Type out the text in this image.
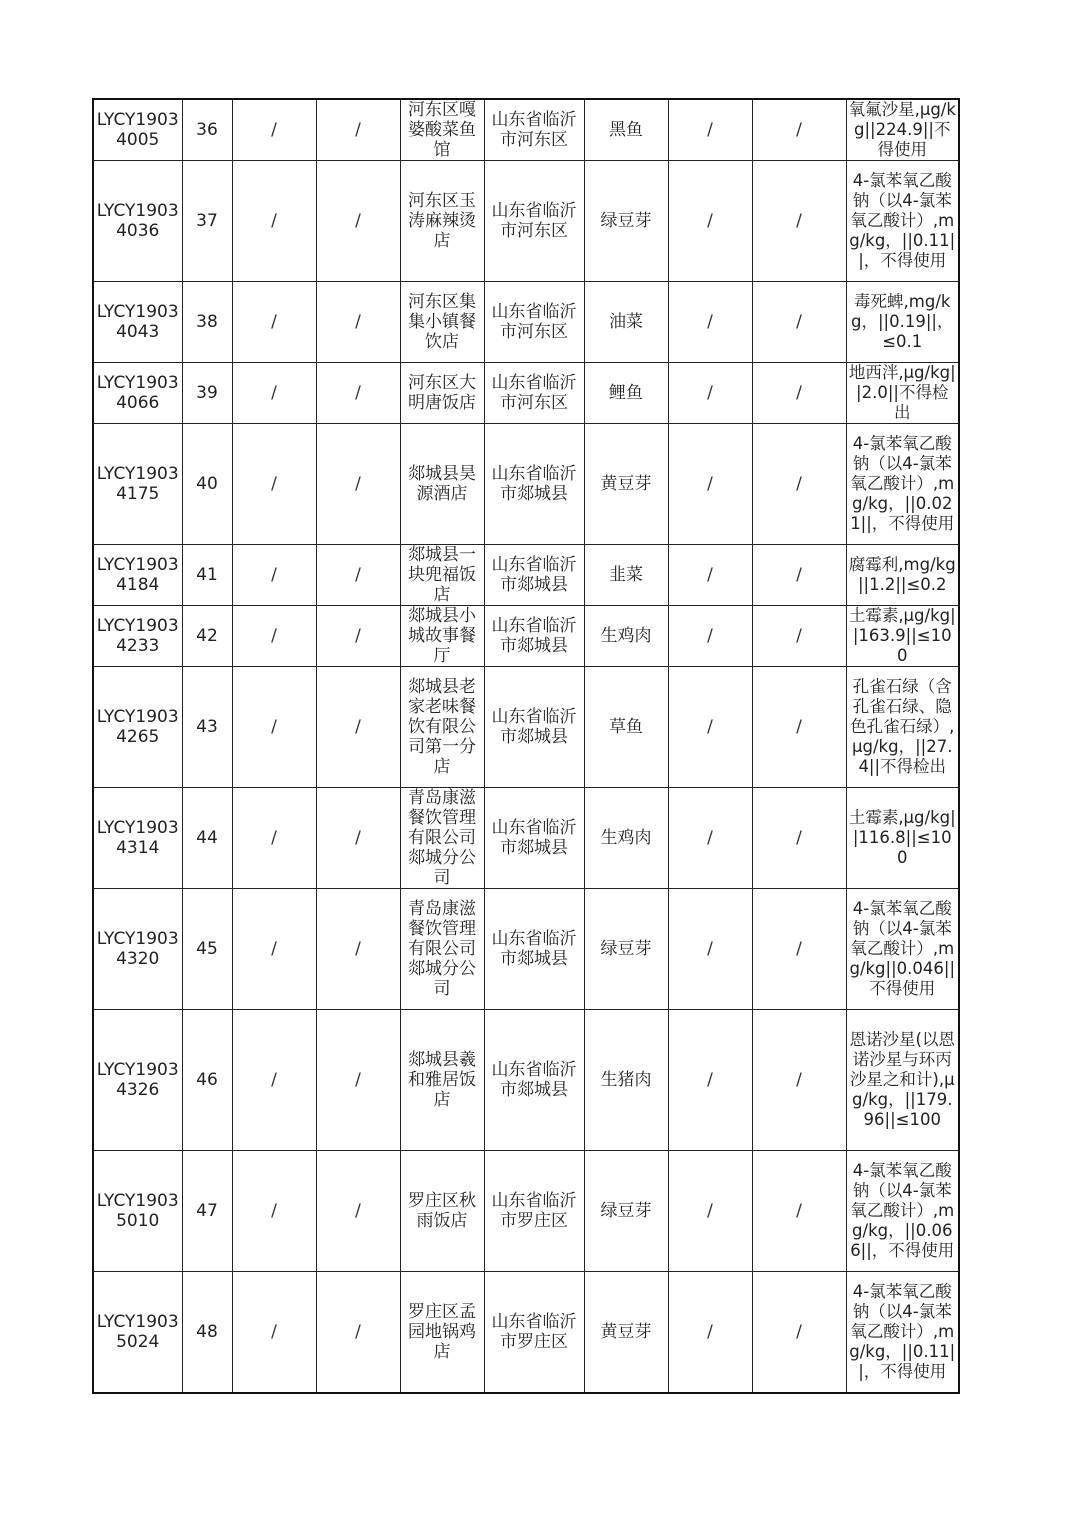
LYCY19034005	36	/	/	河东区嘎婆酸菜鱼馆	山东省临沂市河东区	黑鱼	/	/	氧氟沙星,μg/kg||224.9||不得使用
LYCY19034036	37	/	/	河东区玉涛麻辣烫店	山东省临沂市河东区	绿豆芽	/	/	4-氯苯氧乙酸钠（以4-氯苯氧乙酸计）,mg/kg，||0.11||，不得使用
LYCY19034043	38	/	/	河东区集集小镇餐饮店	山东省临沂市河东区	油菜	/	/	毒死蜱,mg/kg，||0.19||，≤0.1
LYCY19034066	39	/	/	河东区大明唐饭店	山东省临沂市河东区	鲤鱼	/	/	地西泮,μg/kg||2.0||不得检出
LYCY19034175	40	/	/	郯城县昊源酒店	山东省临沂市郯城县	黄豆芽	/	/	4-氯苯氧乙酸钠（以4-氯苯氧乙酸计）,mg/kg，||0.021||，不得使用
LYCY19034184	41	/	/	郯城县一块兜福饭店	山东省临沂市郯城县	韭菜	/	/	腐霉利,mg/kg||1.2||≤0.2
LYCY19034233	42	/	/	郯城县小城故事餐厅	山东省临沂市郯城县	生鸡肉	/	/	土霉素,μg/kg||163.9||≤100
LYCY19034265	43	/	/	郯城县老家老味餐饮有限公司第一分店	山东省临沂市郯城县	草鱼	/	/	孔雀石绿（含孔雀石绿、隐色孔雀石绿）,μg/kg，||27.4||不得检出
LYCY19034314	44	/	/	青岛康滋餐饮管理有限公司郯城分公司	山东省临沂市郯城县	生鸡肉	/	/	土霉素,μg/kg||116.8||≤100
LYCY19034320	45	/	/	青岛康滋餐饮管理有限公司郯城分公司	山东省临沂市郯城县	绿豆芽	/	/	4-氯苯氧乙酸钠（以4-氯苯氧乙酸计）,mg/kg||0.046||不得使用
LYCY19034326	46	/	/	郯城县羲和雅居饭店	山东省临沂市郯城县	生猪肉	/	/	恩诺沙星(以恩诺沙星与环丙沙星之和计),μg/kg，||179.96||≤100
LYCY19035010	47	/	/	罗庄区秋雨饭店	山东省临沂市罗庄区	绿豆芽	/	/	4-氯苯氧乙酸钠（以4-氯苯氧乙酸计）,mg/kg，||0.066||，不得使用
LYCY19035024	48	/	/	罗庄区孟园地锅鸡店	山东省临沂市罗庄区	黄豆芽	/	/	4-氯苯氧乙酸钠（以4-氯苯氧乙酸计）,mg/kg，||0.11||，不得使用
